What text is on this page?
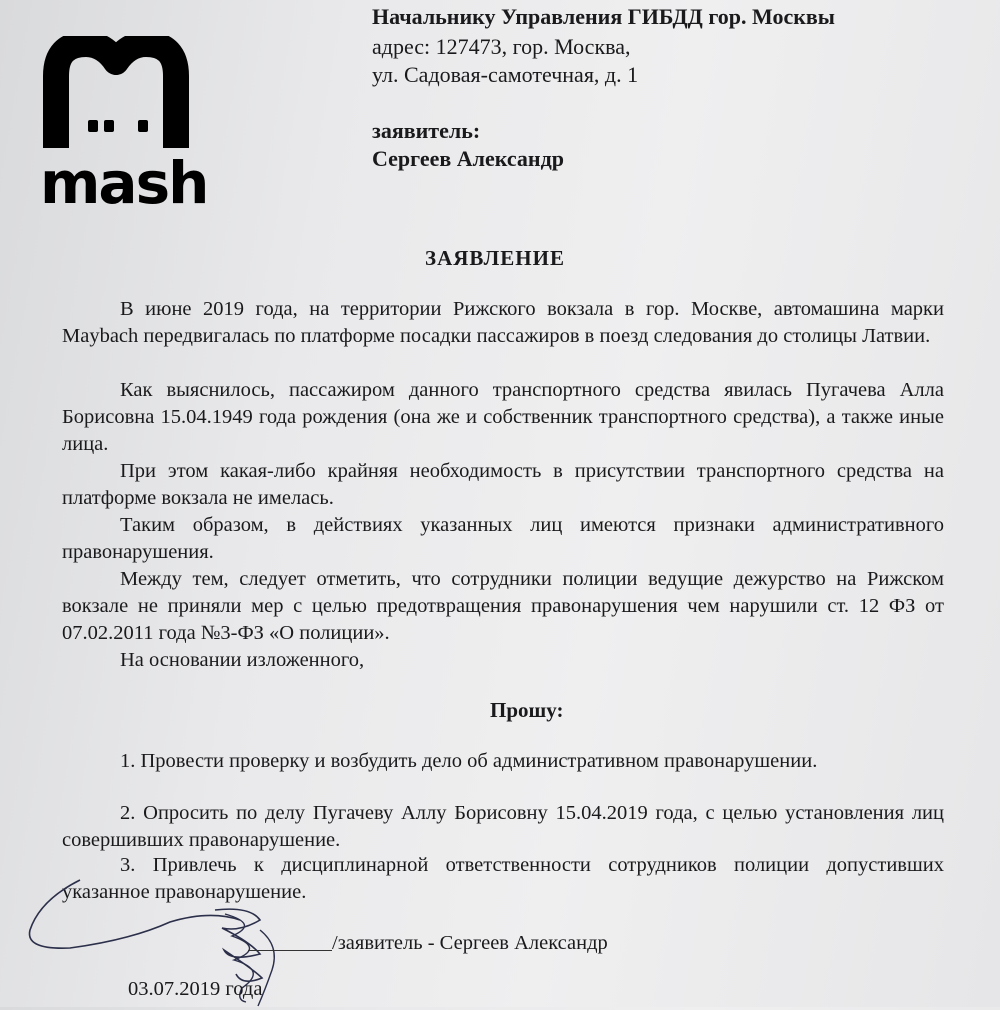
mash
Начальнику Управления ГИБДД гор. Москвы
адрес: 127473, гор. Москва,
ул. Садовая-самотечная, д. 1
заявитель:
Сергеев Александр
ЗАЯВЛЕНИЕ
В июне 2019 года, на территории Рижского вокзала в гор. Москве, автомашина марки Maybach передвигалась по платформе посадки пассажиров в поезд следования до столицы Латвии.
Как выяснилось, пассажиром данного транспортного средства явилась Пугачева Алла Борисовна 15.04.1949 года рождения (она же и собственник транспортного средства), а также иные лица.
При этом какая-либо крайняя необходимость в присутствии транспортного средства на платформе вокзала не имелась.
Таким образом, в действиях указанных лиц имеются признаки административного правонарушения.
Между тем, следует отметить, что сотрудники полиции ведущие дежурство на Рижском вокзале не приняли мер с целью предотвращения правонарушения чем нарушили ст. 12 ФЗ от 07.02.2011 года №3-ФЗ «О полиции».
На основании изложенного,
Прошу:
1. Провести проверку и возбудить дело об административном правонарушении.
2. Опросить по делу Пугачеву Аллу Борисовну 15.04.2019 года, с целью установления лиц совершивших правонарушение.
3. Привлечь к дисциплинарной ответственности сотрудников полиции допустивших указанное правонарушение.
/заявитель - Сергеев Александр
03.07.2019 года
